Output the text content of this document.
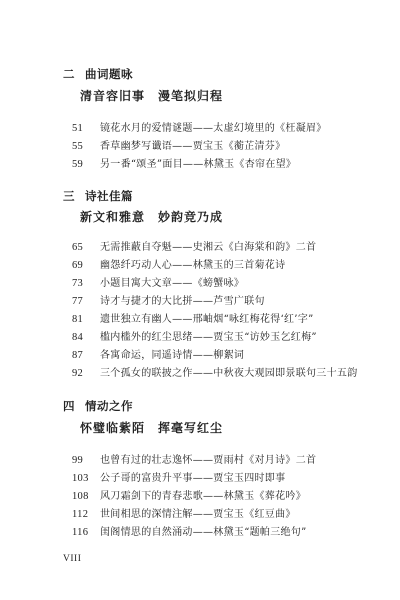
二 曲词题咏
清音容旧事　漫笔拟归程
51 镜花水月的爱情谜题——太虚幻境里的《枉凝眉》
55 香草幽梦写谶语——贾宝玉《蘅芷清芬》
59 另一番“颂圣”面目——林黛玉《杏帘在望》
三 诗社佳篇
新文和雅意　妙韵竞乃成
65 无需推蔽自夺魁——史湘云《白海棠和韵》二首
69 幽怨纤巧动人心——林黛玉的三首菊花诗
73 小题目寓大文章——《螃蟹咏》
77 诗才与捷才的大比拼——芦雪广联句
81 遗世独立有幽人——邢岫烟“咏红梅花得‘红’字”
84 槛内槛外的红尘思绪——贾宝玉“访妙玉乞红梅”
87 各寓命运，同遥诗情——柳絮词
92 三个孤女的联披之作——中秋夜大观园即景联句三十五韵
四 情动之作
怀璧临紫陌　挥毫写红尘
99 也曾有过的壮志逸怀——贾雨村《对月诗》二首
103 公子哥的富贵升平事——贾宝玉四时即事
108 风刀霜剑下的青春悲歌——林黛玉《葬花吟》
112 世间相思的深情注解——贾宝玉《红豆曲》
116 闺阁情思的自然涌动——林黛玉“题帕三绝句”
VIII
